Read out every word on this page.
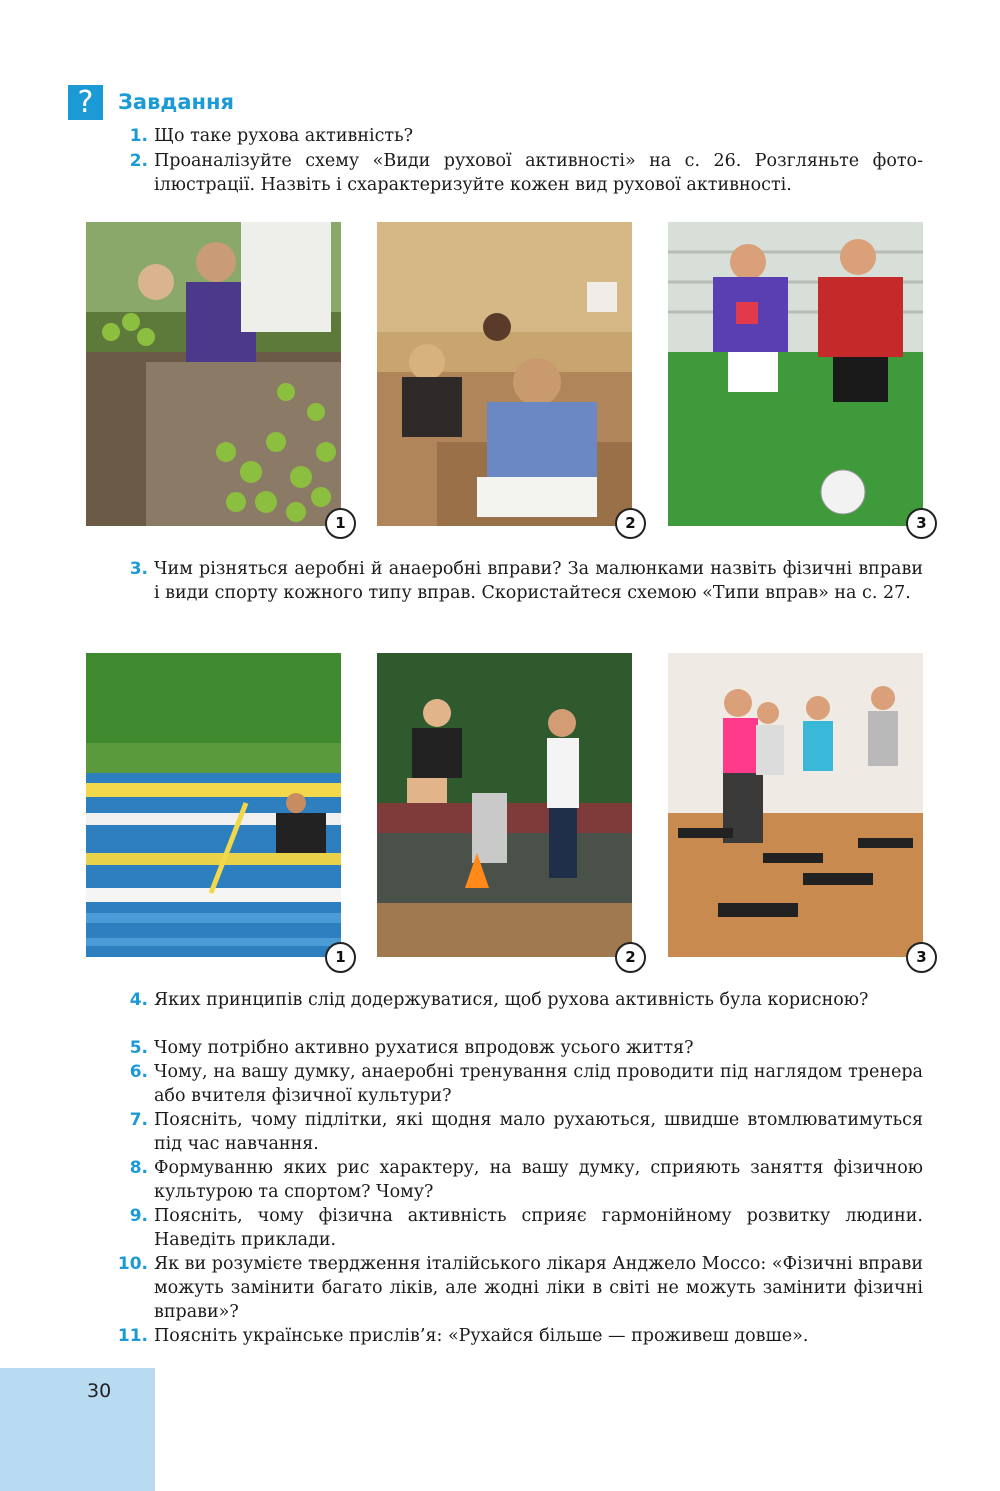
?	Завдання
1. Що таке рухова активність?
2. Проаналізуйте схему «Види рухової активності» на с. 26. Розгляньте фотоілюстрації. Назвіть і схарактеризуйте кожен вид рухової активності.
1	2	3
3. Чим різняться аеробні й анаеробні вправи? За малюнками назвіть фізичні вправи і види спорту кожного типу вправ. Скористайтеся схемою «Типи вправ» на с. 27.
1	2	3
4. Яких принципів слід додержуватися, щоб рухова активність була корисною?
5. Чому потрібно активно рухатися впродовж усього життя?
6. Чому, на вашу думку, анаеробні тренування слід проводити під наглядом тренера або вчителя фізичної культури?
7. Поясніть, чому підлітки, які щодня мало рухаються, швидше втомлюватимуться під час навчання.
8. Формуванню яких рис характеру, на вашу думку, сприяють заняття фізичною культурою та спортом? Чому?
9. Поясніть, чому фізична активність сприяє гармонійному розвитку людини. Наведіть приклади.
10. Як ви розумієте твердження італійського лікаря Анджело Моссо: «Фізичні вправи можуть замінити багато ліків, але жодні ліки в світі не можуть замінити фізичні вправи»?
11. Поясніть українське прислів’я: «Рухайся більше — проживеш довше».
30
